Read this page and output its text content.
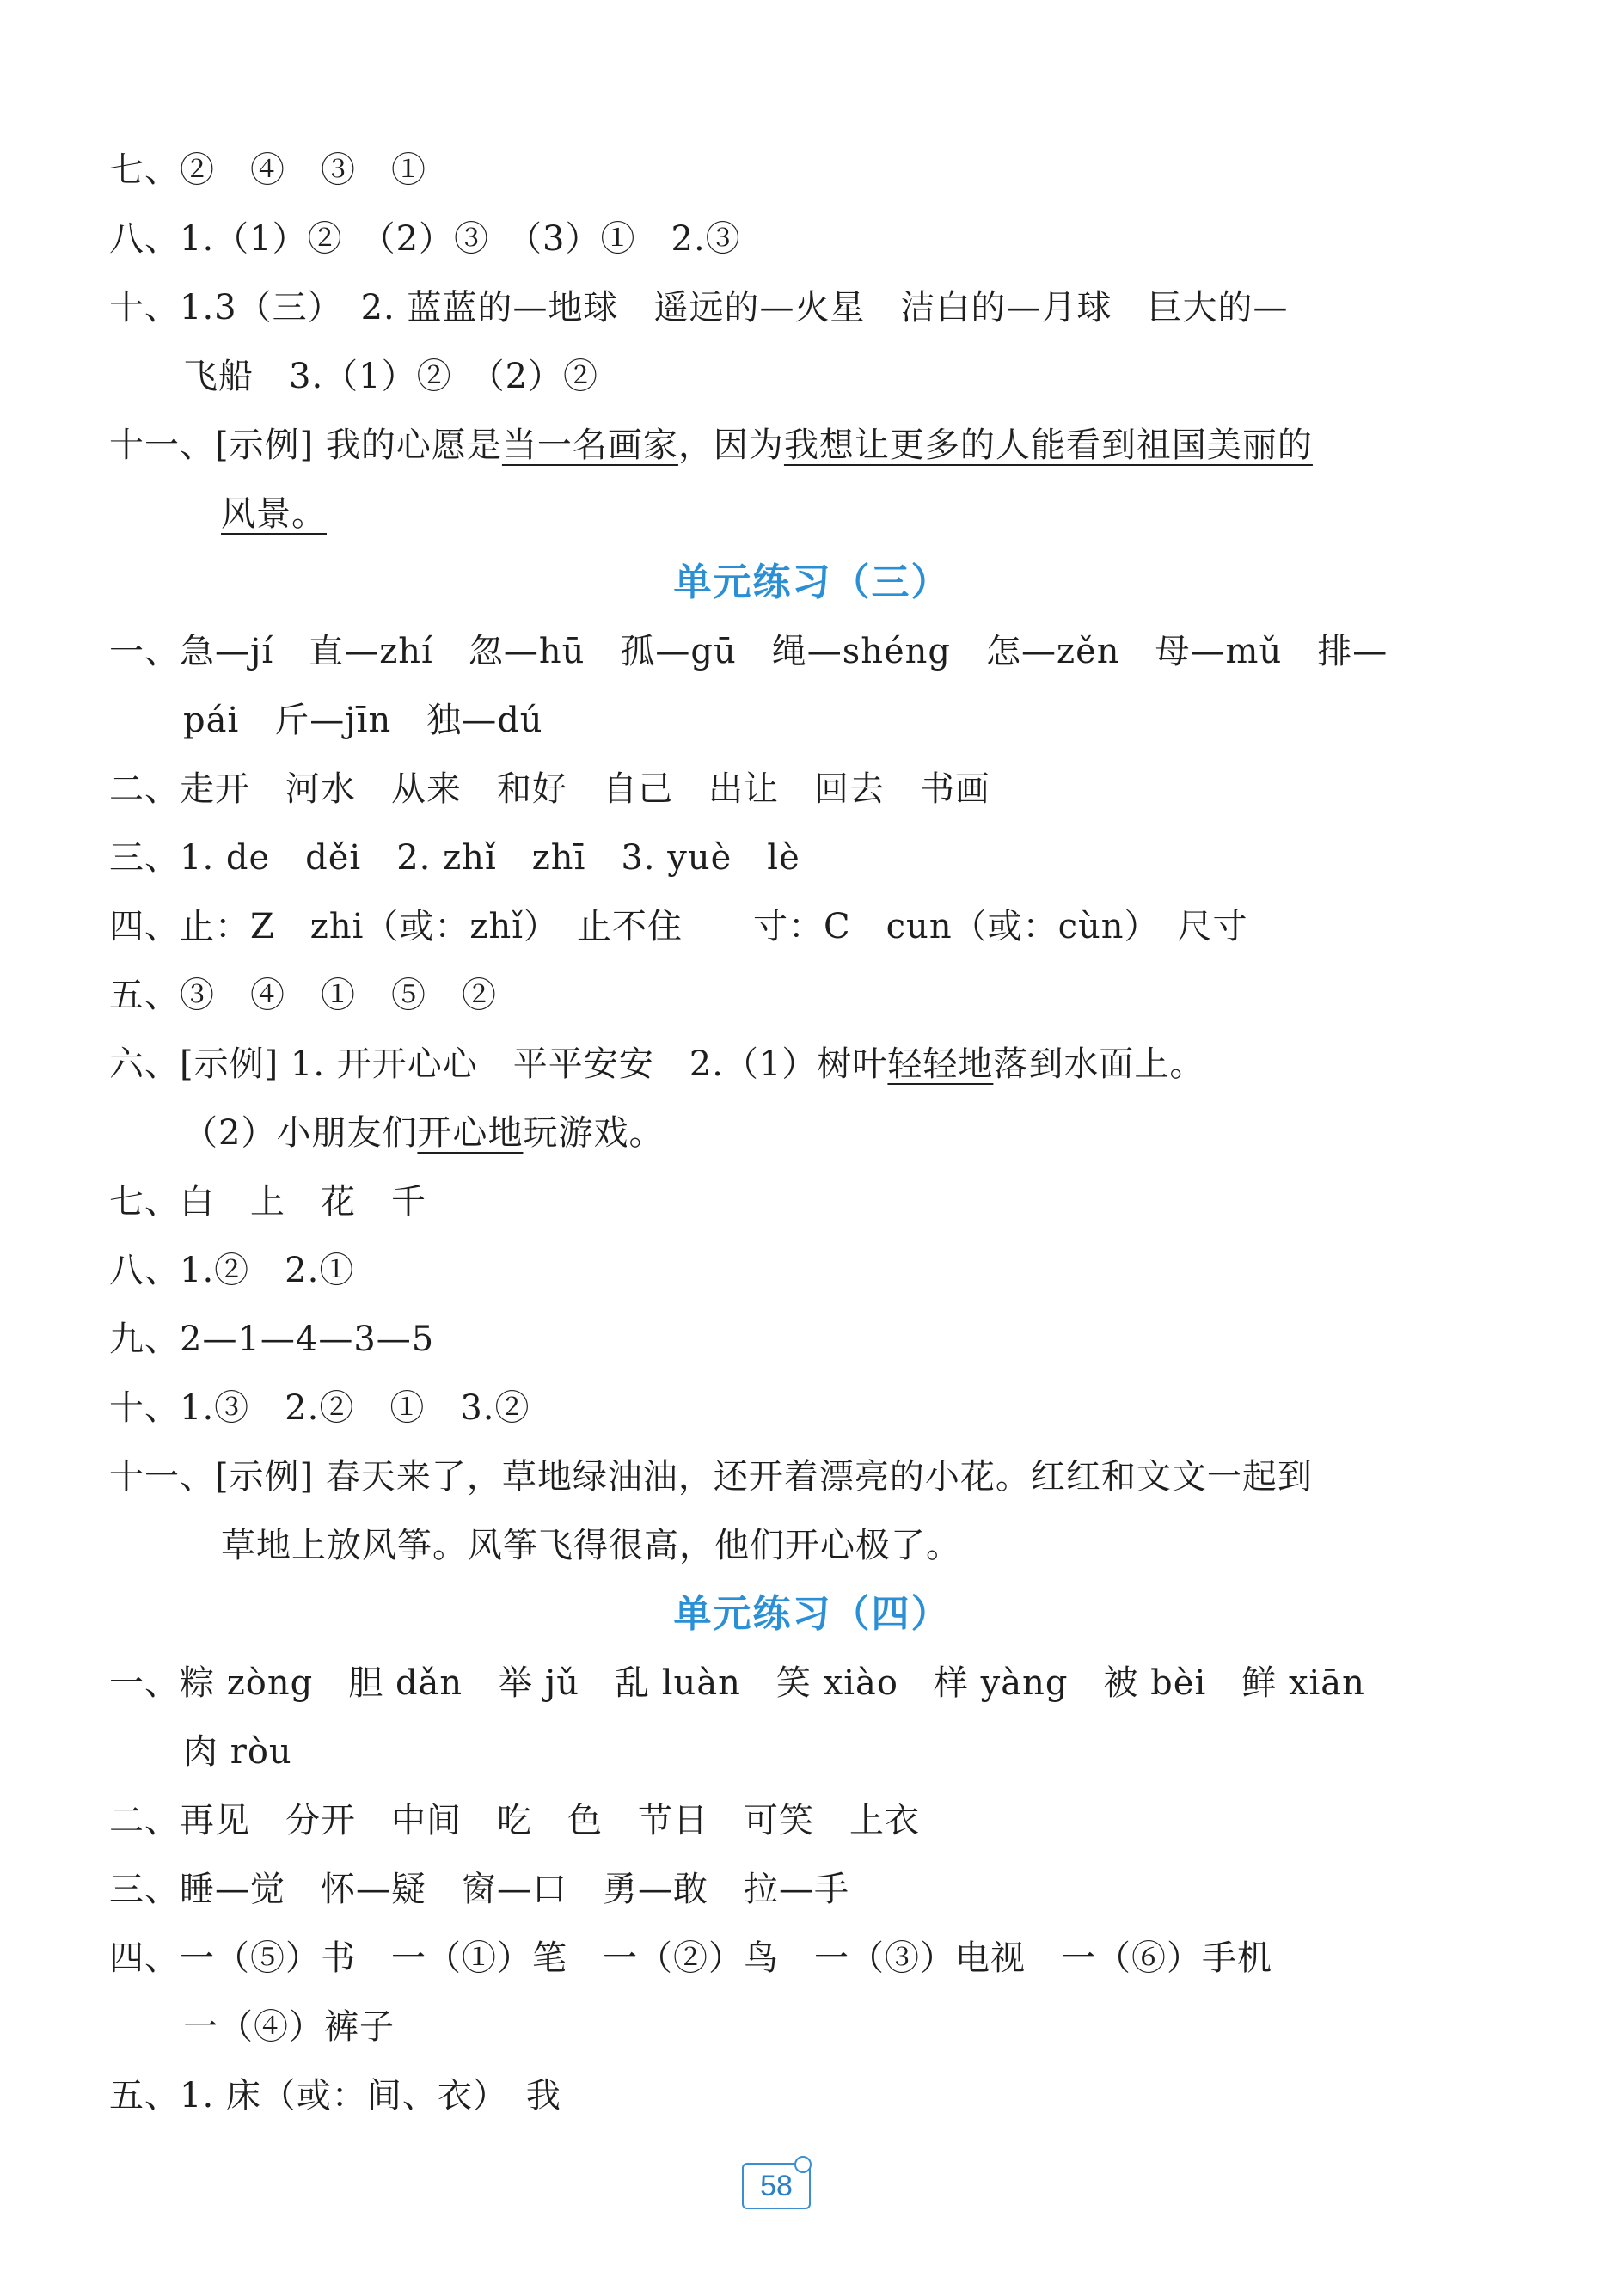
七、②　④　③　①
八、1.（1）②　（2）③　（3）①　2.③
十、1.3（三）　2. 蓝蓝的—地球　遥远的—火星　洁白的—月球　巨大的—
飞船　3.（1）②　（2）②
十一、[示例] 我的心愿是当一名画家，因为我想让更多的人能看到祖国美丽的
风景。
单元练习（三）
一、急—jí　直—zhí　忽—hū　孤—gū　绳—shéng　怎—zěn　母—mǔ　排—
pái　斤—jīn　独—dú
二、走开　河水　从来　和好　自己　出让　回去　书画
三、1. de　děi　2. zhǐ　zhī　3. yuè　lè
四、止：Z　zhi（或：zhǐ）　止不住　　寸：C　cun（或：cùn）　尺寸
五、③　④　①　⑤　②
六、[示例] 1. 开开心心　平平安安　2.（1）树叶轻轻地落到水面上。
（2）小朋友们开心地玩游戏。
七、白　上　花　千
八、1.②　2.①
九、2—1—4—3—5
十、1.③　2.②　①　3.②
十一、[示例] 春天来了，草地绿油油，还开着漂亮的小花。红红和文文一起到
草地上放风筝。风筝飞得很高，他们开心极了。
单元练习（四）
一、粽 zòng　胆 dǎn　举 jǔ　乱 luàn　笑 xiào　样 yàng　被 bèi　鲜 xiān
肉 ròu
二、再见　分开　中间　吃　色　节日　可笑　上衣
三、睡—觉　怀—疑　窗—口　勇—敢　拉—手
四、一（⑤）书　一（①）笔　一（②）鸟　一（③）电视　一（⑥）手机
一（④）裤子
五、1. 床（或：间、衣）　我
58
